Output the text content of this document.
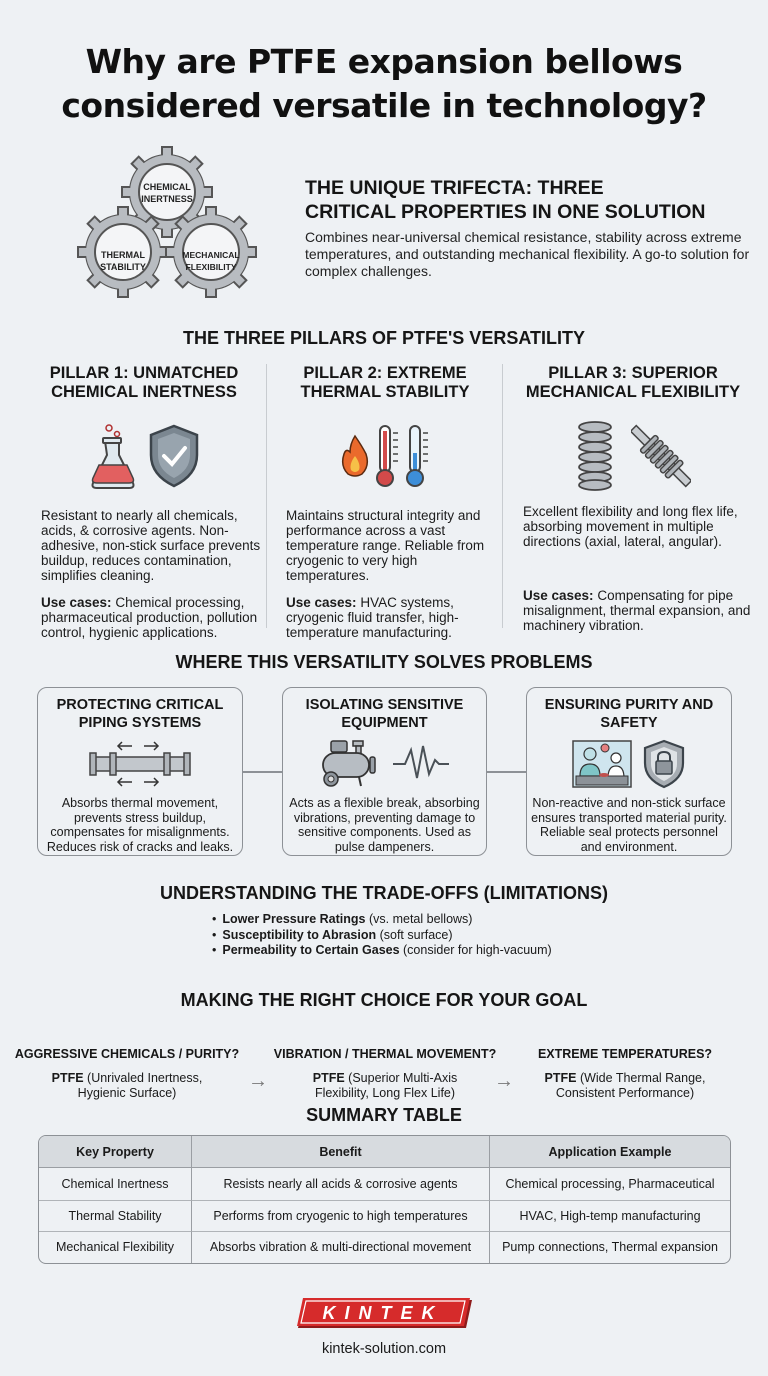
Why are PTFE expansion bellows
considered versatile in technology?
CHEMICAL
INERTNESS
THERMAL
STABILITY
MECHANICAL
FLEXIBILITY
THE UNIQUE TRIFECTA: THREE
CRITICAL PROPERTIES IN ONE SOLUTION
Combines near-universal chemical resistance, stability across extreme temperatures, and outstanding mechanical flexibility. A go-to solution for complex challenges.
THE THREE PILLARS OF PTFE'S VERSATILITY
PILLAR 1: UNMATCHED
CHEMICAL INERTNESS
Resistant to nearly all chemicals, acids, & corrosive agents. Non-adhesive, non-stick surface prevents buildup, reduces contamination, simplifies cleaning.
Use cases: Chemical processing, pharmaceutical production, pollution control, hygienic applications.
PILLAR 2: EXTREME
THERMAL STABILITY
Maintains structural integrity and performance across a vast temperature range. Reliable from cryogenic to very high temperatures.
Use cases: HVAC systems, cryogenic fluid transfer, high-temperature manufacturing.
PILLAR 3: SUPERIOR
MECHANICAL FLEXIBILITY
Excellent flexibility and long flex life, absorbing movement in multiple directions (axial, lateral, angular).
Use cases: Compensating for pipe misalignment, thermal expansion, and machinery vibration.
WHERE THIS VERSATILITY SOLVES PROBLEMS
PROTECTING CRITICAL
PIPING SYSTEMS
Absorbs thermal movement, prevents stress buildup, compensates for misalignments. Reduces risk of cracks and leaks.
ISOLATING SENSITIVE
EQUIPMENT
Acts as a flexible break, absorbing vibrations, preventing damage to sensitive components. Used as pulse dampeners.
ENSURING PURITY AND
SAFETY
Non-reactive and non-stick surface ensures transported material purity. Reliable seal protects personnel and environment.
UNDERSTANDING THE TRADE-OFFS (LIMITATIONS)
• Lower Pressure Ratings (vs. metal bellows)
• Susceptibility to Abrasion (soft surface)
• Permeability to Certain Gases (consider for high-vacuum)
MAKING THE RIGHT CHOICE FOR YOUR GOAL
AGGRESSIVE CHEMICALS / PURITY?
PTFE (Unrivaled Inertness,
Hygienic Surface)
→
VIBRATION / THERMAL MOVEMENT?
PTFE (Superior Multi-Axis
Flexibility, Long Flex Life)
→
EXTREME TEMPERATURES?
PTFE (Wide Thermal Range,
Consistent Performance)
SUMMARY TABLE
Key Property	Benefit	Application Example
Chemical Inertness	Resists nearly all acids & corrosive agents	Chemical processing, Pharmaceutical
Thermal Stability	Performs from cryogenic to high temperatures	HVAC, High-temp manufacturing
Mechanical Flexibility	Absorbs vibration & multi-directional movement	Pump connections, Thermal expansion
KINTEK
kintek-solution.com
